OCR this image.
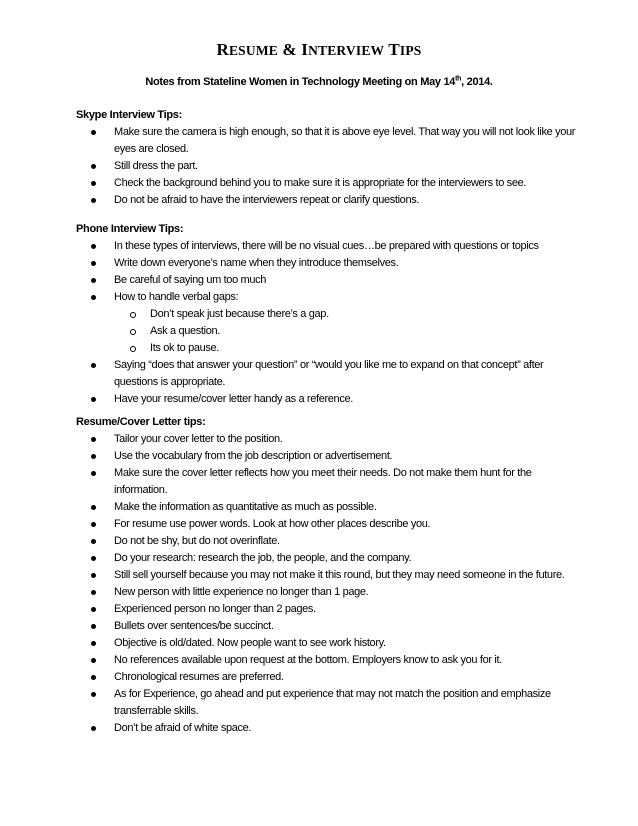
RESUME & INTERVIEW TIPS
Notes from Stateline Women in Technology Meeting on May 14th, 2014.
Skype Interview Tips:
Make sure the camera is high enough, so that it is above eye level. That way you will not look like your eyes are closed.
Still dress the part.
Check the background behind you to make sure it is appropriate for the interviewers to see.
Do not be afraid to have the interviewers repeat or clarify questions.
Phone Interview Tips:
In these types of interviews, there will be no visual cues…be prepared with questions or topics
Write down everyone’s name when they introduce themselves.
Be careful of saying um too much
How to handle verbal gaps:
Don’t speak just because there’s a gap.
Ask a question.
Its ok to pause.
Saying “does that answer your question” or “would you like me to expand on that concept” after questions is appropriate.
Have your resume/cover letter handy as a reference.
Resume/Cover Letter tips:
Tailor your cover letter to the position.
Use the vocabulary from the job description or advertisement.
Make sure the cover letter reflects how you meet their needs. Do not make them hunt for the information.
Make the information as quantitative as much as possible.
For resume use power words. Look at how other places describe you.
Do not be shy, but do not overinflate.
Do your research: research the job, the people, and the company.
Still sell yourself because you may not make it this round, but they may need someone in the future.
New person with little experience no longer than 1 page.
Experienced person no longer than 2 pages.
Bullets over sentences/be succinct.
Objective is old/dated. Now people want to see work history.
No references available upon request at the bottom. Employers know to ask you for it.
Chronological resumes are preferred.
As for Experience, go ahead and put experience that may not match the position and emphasize transferrable skills.
Don’t be afraid of white space.
